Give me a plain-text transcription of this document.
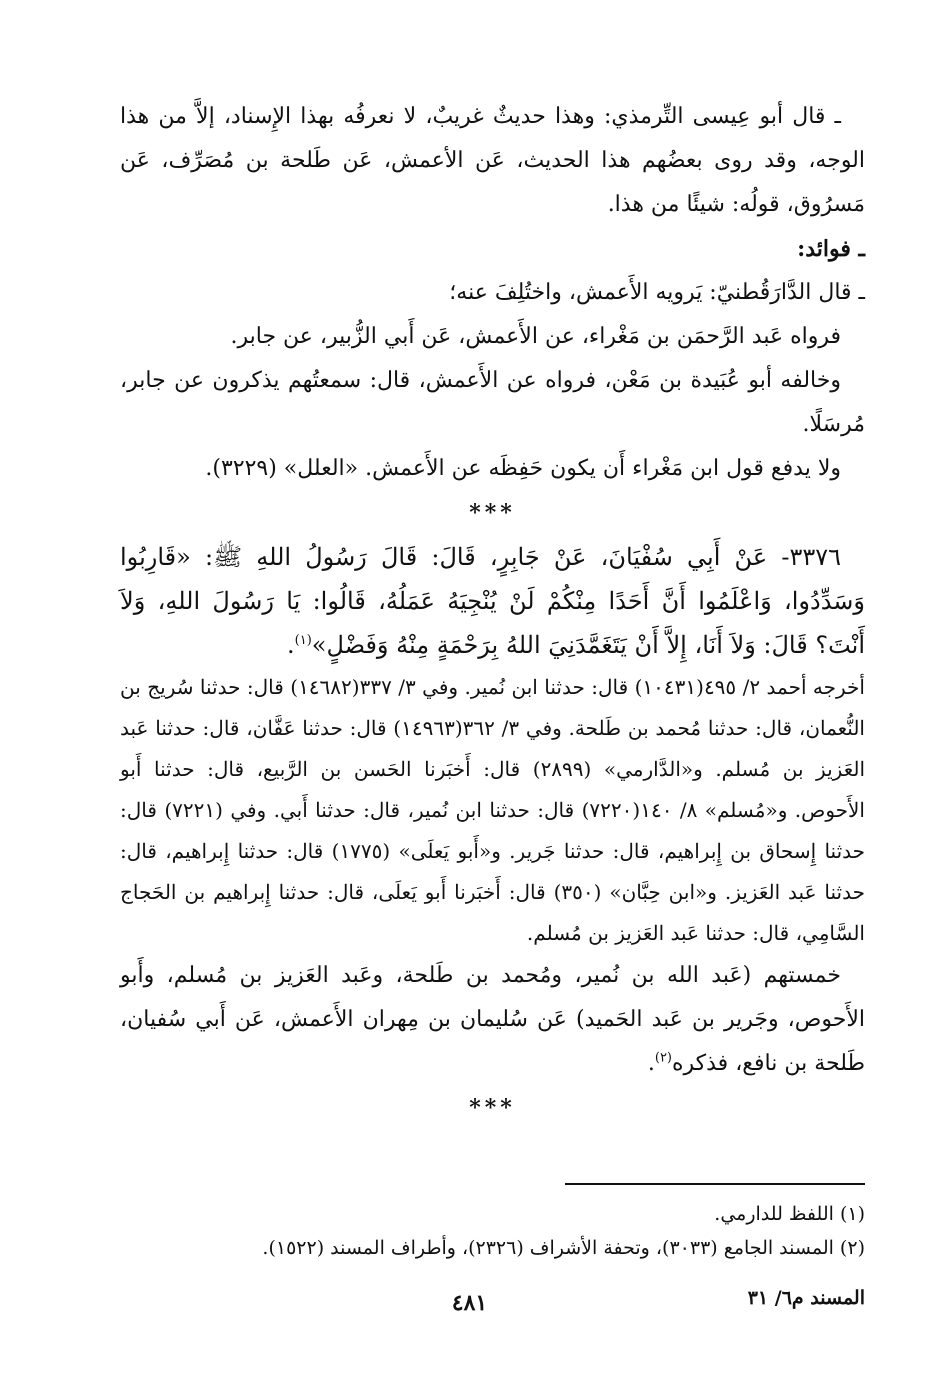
ـ قال أبو عِيسى التِّرمذي: وهذا حديثٌ غريبٌ، لا نعرفُه بهذا الإِسناد، إلاَّ من هذا الوجه، وقد روى بعضُهم هذا الحديث، عَن الأعمش، عَن طَلحة بن مُصَرِّف، عَن مَسرُوق، قولُه: شيئًا من هذا.

ـ فوائد:

ـ قال الدَّارَقُطنيّ: يَرويه الأَعمش، واختُلِفَ عنه؛

فرواه عَبد الرَّحمَن بن مَغْراء، عن الأَعمش، عَن أَبي الزُّبير، عن جابر.

وخالفه أبو عُبَيدة بن مَعْن، فرواه عن الأَعمش، قال: سمعتُهم يذكرون عن جابر، مُرسَلًا.

ولا يدفع قول ابن مَغْراء أَن يكون حَفِظَه عن الأَعمش. «العلل» (٣٢٢٩).

***

٣٣٧٦- عَنْ أَبِي سُفْيَانَ، عَنْ جَابِرٍ، قَالَ: قَالَ رَسُولُ اللهِ ﷺ: «قَارِبُوا وَسَدِّدُوا، وَاعْلَمُوا أَنَّ أَحَدًا مِنْكُمْ لَنْ يُنْجِيَهُ عَمَلُهُ، قَالُوا: يَا رَسُولَ اللهِ، وَلاَ أَنْتَ؟ قَالَ: وَلاَ أَنَا، إِلاَّ أَنْ يَتَغَمَّدَنِيَ اللهُ بِرَحْمَةٍ مِنْهُ وَفَضْلٍ»$^{(١)}$.

أخرجه أحمد ٢/ ٤٩٥(١٠٤٣١) قال: حدثنا ابن نُمير. وفي ٣/ ٣٣٧(١٤٦٨٢) قال: حدثنا سُريج بن النُّعمان، قال: حدثنا مُحمد بن طَلحة. وفي ٣/ ٣٦٢(١٤٩٦٣) قال: حدثنا عَفَّان، قال: حدثنا عَبد العَزيز بن مُسلم. و«الدَّارمي» (٢٨٩٩) قال: أَخبَرنا الحَسن بن الرَّبيع، قال: حدثنا أَبو الأَحوص. و«مُسلم» ٨/ ١٤٠(٧٢٢٠) قال: حدثنا ابن نُمير، قال: حدثنا أَبي. وفي (٧٢٢١) قال: حدثنا إِسحاق بن إِبراهيم، قال: حدثنا جَرير. و«أَبو يَعلَى» (١٧٧٥) قال: حدثنا إِبراهيم، قال: حدثنا عَبد العَزيز. و«ابن حِبَّان» (٣٥٠) قال: أَخبَرنا أَبو يَعلَى، قال: حدثنا إِبراهيم بن الحَجاج السَّامِي، قال: حدثنا عَبد العَزيز بن مُسلم.

خمستهم (عَبد الله بن نُمير، ومُحمد بن طَلحة، وعَبد العَزيز بن مُسلم، وأَبو الأَحوص، وجَرير بن عَبد الحَميد) عَن سُليمان بن مِهران الأَعمش، عَن أَبي سُفيان، طَلحة بن نافع، فذكره$^{(٢)}$.

***

(١) اللفظ للدارمي.

(٢) المسند الجامع (٣٠٣٣)، وتحفة الأشراف (٢٣٢٦)، وأطراف المسند (١٥٢٢).

المسند م٦/ ٣١
٤٨١
